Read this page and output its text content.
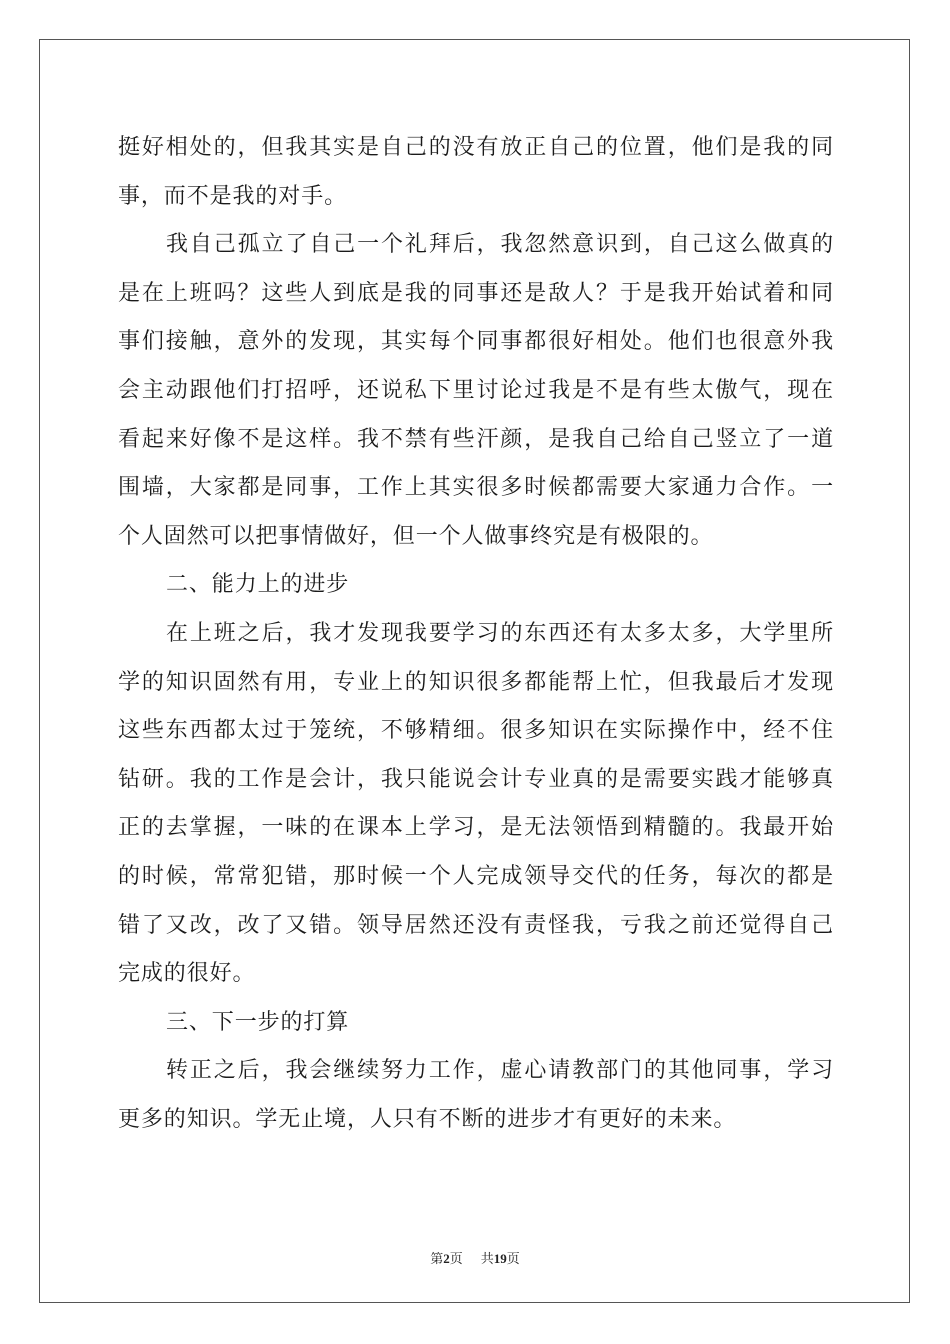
挺好相处的，但我其实是自己的没有放正自己的位置，他们是我的同
事，而不是我的对手。
我自己孤立了自己一个礼拜后，我忽然意识到，自己这么做真的
是在上班吗？这些人到底是我的同事还是敌人？于是我开始试着和同
事们接触，意外的发现，其实每个同事都很好相处。他们也很意外我
会主动跟他们打招呼，还说私下里讨论过我是不是有些太傲气，现在
看起来好像不是这样。我不禁有些汗颜，是我自己给自己竖立了一道
围墙，大家都是同事，工作上其实很多时候都需要大家通力合作。一
个人固然可以把事情做好，但一个人做事终究是有极限的。
二、能力上的进步
在上班之后，我才发现我要学习的东西还有太多太多，大学里所
学的知识固然有用，专业上的知识很多都能帮上忙，但我最后才发现
这些东西都太过于笼统，不够精细。很多知识在实际操作中，经不住
钻研。我的工作是会计，我只能说会计专业真的是需要实践才能够真
正的去掌握，一味的在课本上学习，是无法领悟到精髓的。我最开始
的时候，常常犯错，那时候一个人完成领导交代的任务，每次的都是
错了又改，改了又错。领导居然还没有责怪我，亏我之前还觉得自己
完成的很好。
三、下一步的打算
转正之后，我会继续努力工作，虚心请教部门的其他同事，学习
更多的知识。学无止境，人只有不断的进步才有更好的未来。
第2页 共19页
